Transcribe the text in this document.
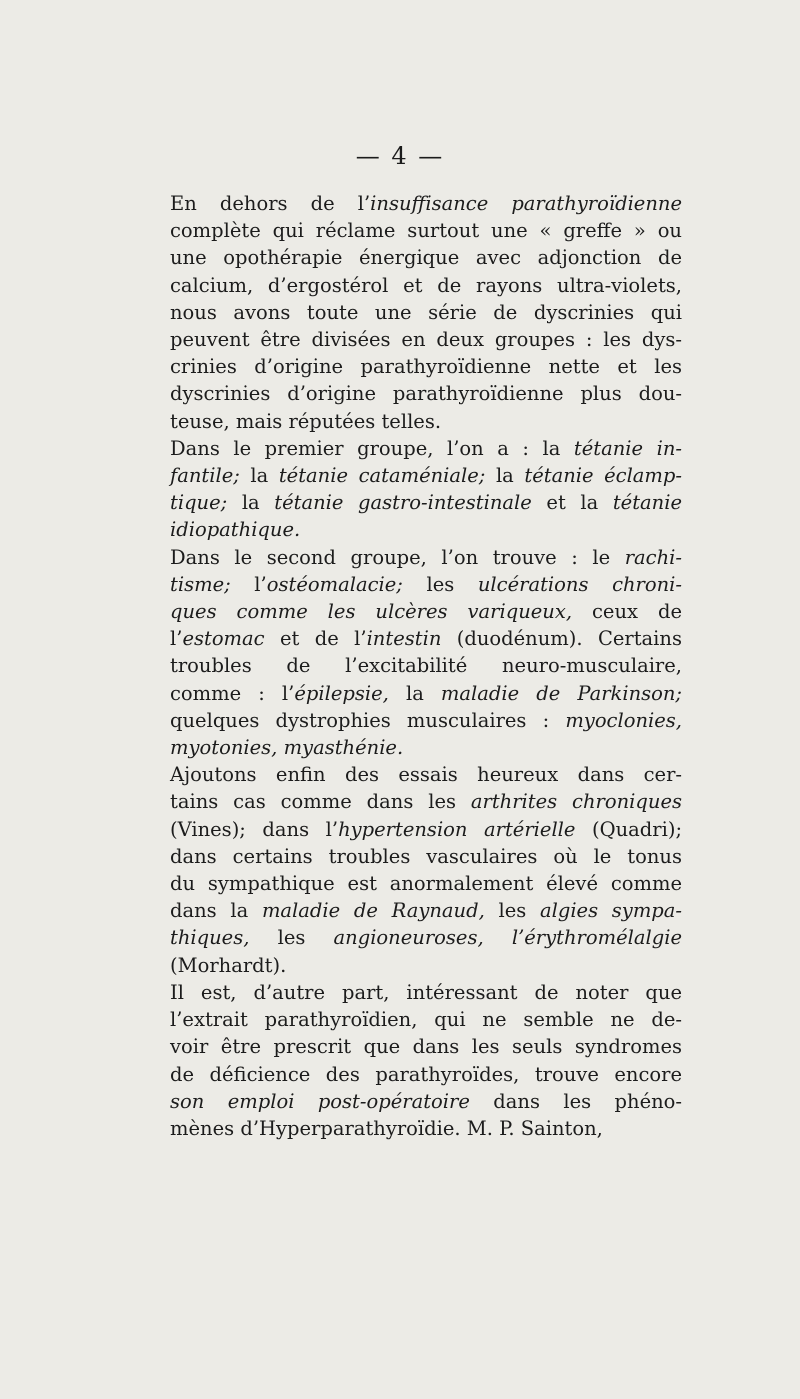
— 4 —

En dehors de l’insuffisance parathyroïdienne
complète qui réclame surtout une « greffe » ou
une opothérapie énergique avec adjonction de
calcium, d’ergostérol et de rayons ultra-violets,
nous avons toute une série de dyscrinies qui
peuvent être divisées en deux groupes : les dys-
crinies d’origine parathyroïdienne nette et les
dyscrinies d’origine parathyroïdienne plus dou-
teuse, mais réputées telles.

Dans le premier groupe, l’on a : la tétanie in-
fantile; la tétanie cataméniale; la tétanie éclamp-
tique; la tétanie gastro-intestinale et la tétanie
idiopathique.

Dans le second groupe, l’on trouve : le rachi-
tisme; l’ostéomalacie; les ulcérations chroni-
ques comme les ulcères variqueux, ceux de
l’estomac et de l’intestin (duodénum). Certains
troubles de l’excitabilité neuro-musculaire,
comme : l’épilepsie, la maladie de Parkinson;
quelques dystrophies musculaires : myoclonies,
myotonies, myasthénie.

Ajoutons enfin des essais heureux dans cer-
tains cas comme dans les arthrites chroniques
(Vines); dans l’hypertension artérielle (Quadri);
dans certains troubles vasculaires où le tonus
du sympathique est anormalement élevé comme
dans la maladie de Raynaud, les algies sympa-
thiques, les angioneuroses, l’érythromélalgie
(Morhardt).

Il est, d’autre part, intéressant de noter que
l’extrait parathyroïdien, qui ne semble ne de-
voir être prescrit que dans les seuls syndromes
de déficience des parathyroïdes, trouve encore
son emploi post-opératoire dans les phéno-
mènes d’Hyperparathyroïdie. M. P. Sainton,
